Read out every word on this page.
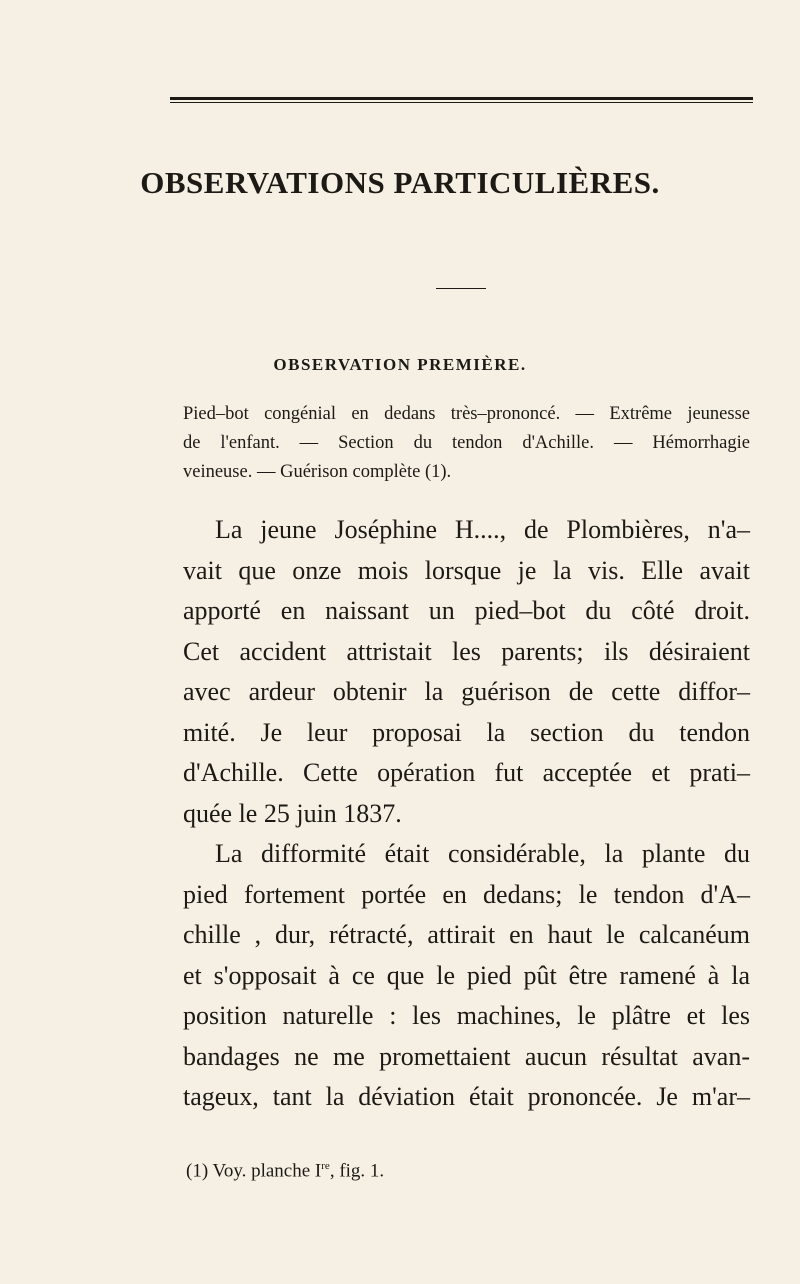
OBSERVATIONS PARTICULIÈRES.
OBSERVATION PREMIÈRE.
Pied–bot congénial en dedans très–prononcé. — Extrême jeunesse
de l'enfant. — Section du tendon d'Achille. — Hémorrhagie
veineuse. — Guérison complète (1).
La jeune Joséphine H...., de Plombières, n'a–
vait que onze mois lorsque je la vis. Elle avait
apporté en naissant un pied–bot du côté droit.
Cet accident attristait les parents; ils désiraient
avec ardeur obtenir la guérison de cette diffor–
mité. Je leur proposai la section du tendon
d'Achille. Cette opération fut acceptée et prati–
quée le 25 juin 1837.
La difformité était considérable, la plante du
pied fortement portée en dedans; le tendon d'A–
chille , dur, rétracté, attirait en haut le calcanéum
et s'opposait à ce que le pied pût être ramené à la
position naturelle : les machines, le plâtre et les
bandages ne me promettaient aucun résultat avan-
tageux, tant la déviation était prononcée. Je m'ar–
(1) Voy. planche Ire, fig. 1.
